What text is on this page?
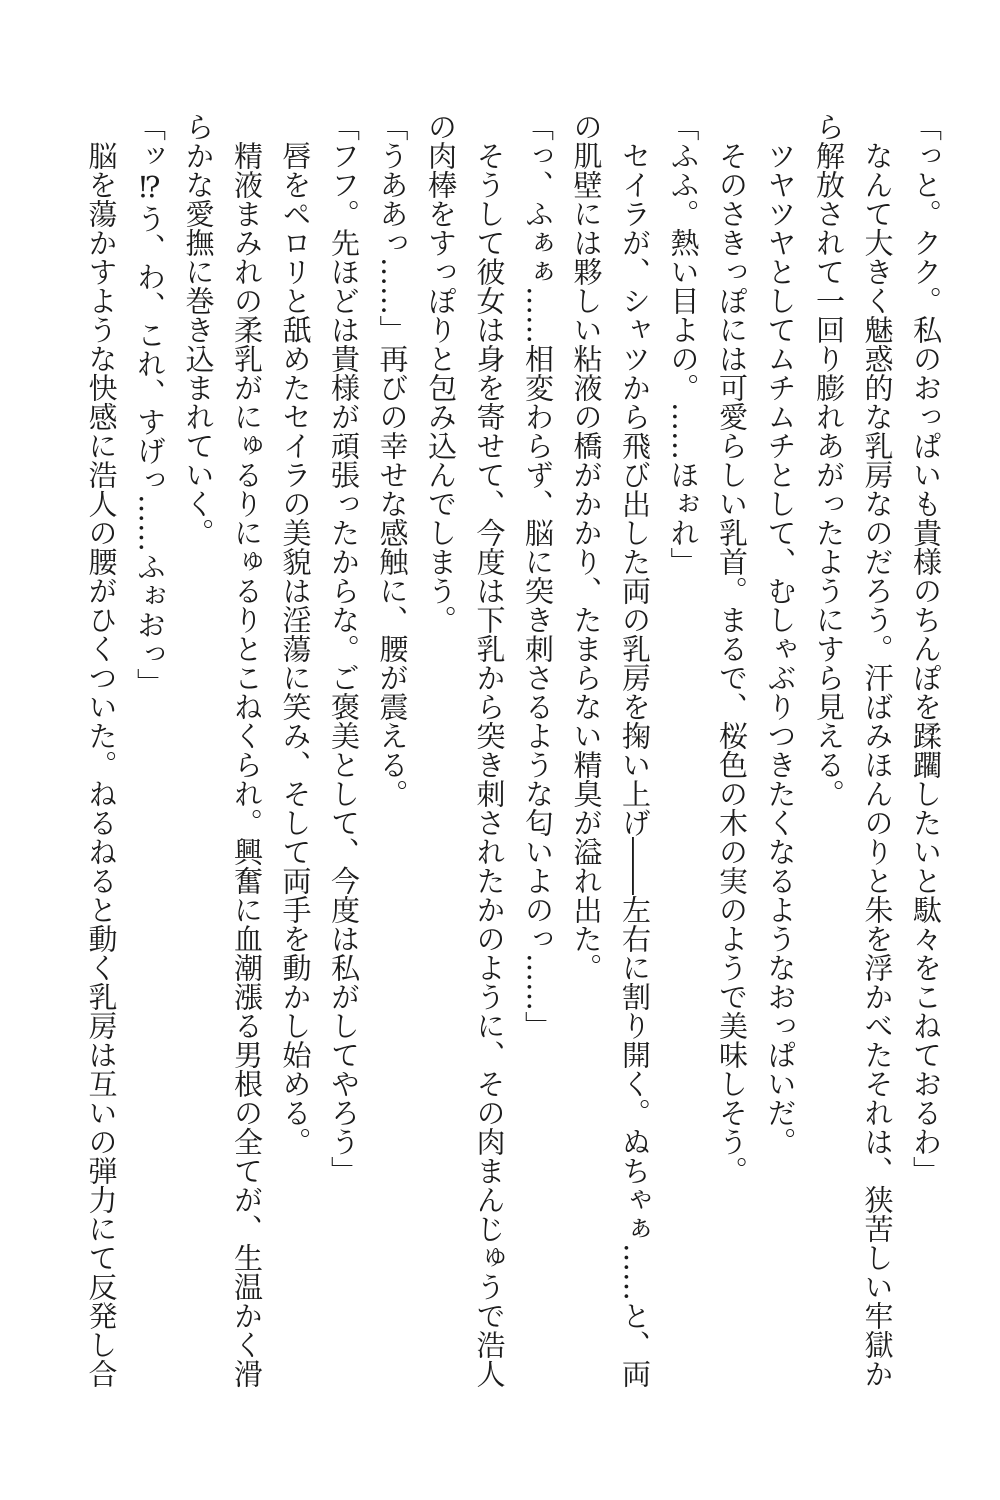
「っと。クク。私のおっぱいも貴様のちんぽを蹂躙したいと駄々をこねておるわ」
　なんて大きく魅惑的な乳房なのだろう。汗ばみほんのりと朱を浮かべたそれは、狭苦しい牢獄か
ら解放されて一回り膨れあがったようにすら見える。
　ツヤツヤとしてムチムチとして、むしゃぶりつきたくなるようなおっぱいだ。
　そのさきっぽには可愛らしい乳首。まるで、桜色の木の実のようで美味しそう。
「ふふ。熱い目よの。……ほぉれ」
　セイラが、シャツから飛び出した両の乳房を掬い上げ――左右に割り開く。ぬちゃぁ……と、両
の肌壁には夥しい粘液の橋がかかり、たまらない精臭が溢れ出た。
「っ、ふぁぁ……相変わらず、脳に突き刺さるような匂いよのっ……」
　そうして彼女は身を寄せて、今度は下乳から突き刺されたかのように、その肉まんじゅうで浩人
の肉棒をすっぽりと包み込んでしまう。
「うああっ……」再びの幸せな感触に、腰が震える。
「フフ。先ほどは貴様が頑張ったからな。ご褒美として、今度は私がしてやろう」
　唇をペロリと舐めたセイラの美貌は淫蕩に笑み、そして両手を動かし始める。
　精液まみれの柔乳がにゅるりにゅるりとこねくられ。興奮に血潮漲る男根の全てが、生温かく滑
らかな愛撫に巻き込まれていく。
「ッ⁉う、わ、これ、すげっ……ふぉおっ」
　脳を蕩かすような快感に浩人の腰がひくついた。ねるねると動く乳房は互いの弾力にて反発し合
